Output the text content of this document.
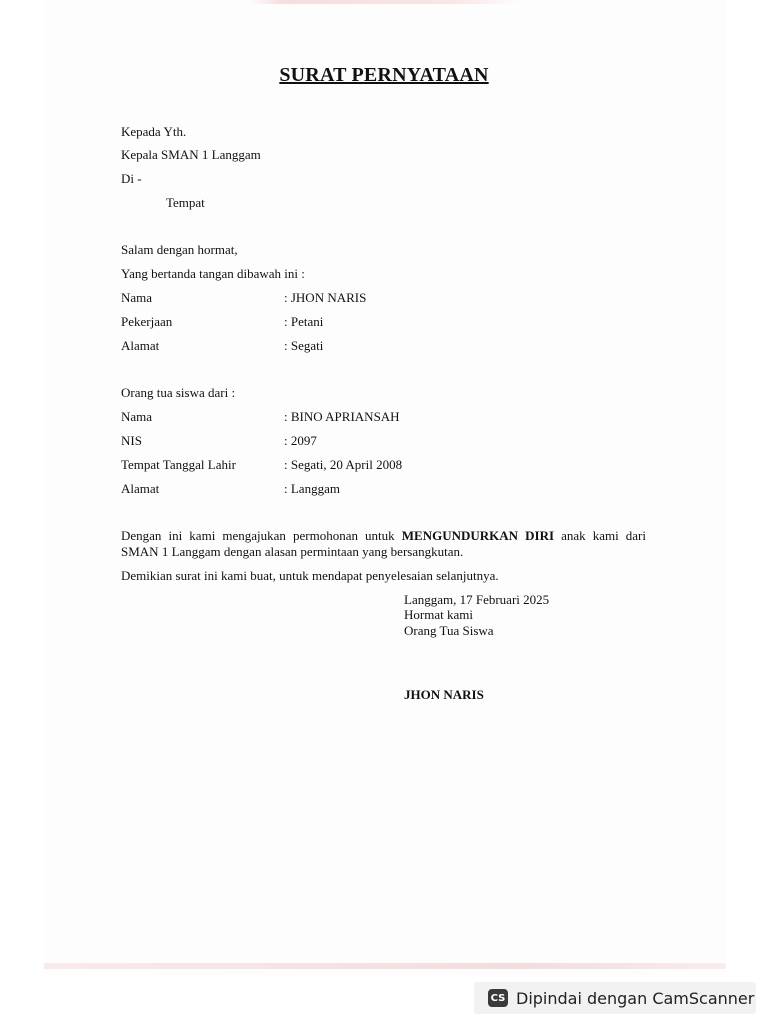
SURAT PERNYATAAN
Kepada Yth.
Kepala SMAN 1 Langgam
Di -
Tempat
Salam dengan hormat,
Yang bertanda tangan dibawah ini :
Nama	: JHON NARIS
Pekerjaan	: Petani
Alamat	: Segati
Orang tua siswa dari :
Nama	: BINO APRIANSAH
NIS	: 2097
Tempat Tanggal Lahir	: Segati, 20 April 2008
Alamat	: Langgam
Dengan ini kami mengajukan permohonan untuk MENGUNDURKAN DIRI anak kami dari SMAN 1 Langgam dengan alasan permintaan yang bersangkutan.
Demikian surat ini kami buat, untuk mendapat penyelesaian selanjutnya.
Langgam, 17 Februari 2025
Hormat kami
Orang Tua Siswa
JHON NARIS
CS Dipindai dengan CamScanner
